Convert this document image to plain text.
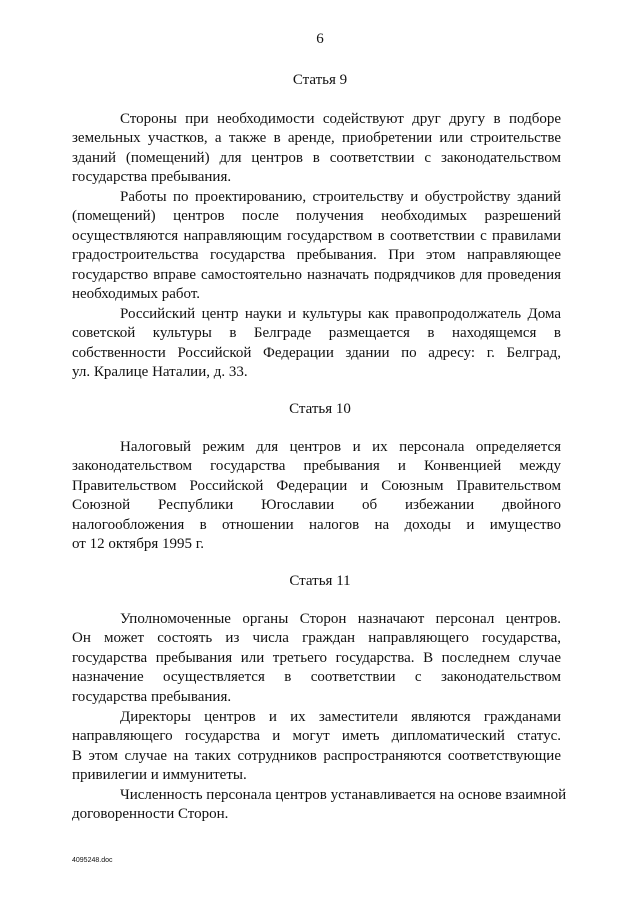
6
Статья 9
Стороны при необходимости содействуют друг другу в подборе
земельных участков, а также в аренде, приобретении или строительстве
зданий (помещений) для центров в соответствии с законодательством
государства пребывания.
Работы по проектированию, строительству и обустройству зданий
(помещений) центров после получения необходимых разрешений
осуществляются направляющим государством в соответствии с правилами
градостроительства государства пребывания. При этом направляющее
государство вправе самостоятельно назначать подрядчиков для проведения
необходимых работ.
Российский центр науки и культуры как правопродолжатель Дома
советской культуры в Белграде размещается в находящемся в
собственности Российской Федерации здании по адресу: г. Белград,
ул. Кралице Наталии, д. 33.
Статья 10
Налоговый режим для центров и их персонала определяется
законодательством государства пребывания и Конвенцией между
Правительством Российской Федерации и Союзным Правительством
Союзной Республики Югославии об избежании двойного
налогообложения в отношении налогов на доходы и имущество
от 12 октября 1995 г.
Статья 11
Уполномоченные органы Сторон назначают персонал центров.
Он может состоять из числа граждан направляющего государства,
государства пребывания или третьего государства. В последнем случае
назначение осуществляется в соответствии с законодательством
государства пребывания.
Директоры центров и их заместители являются гражданами
направляющего государства и могут иметь дипломатический статус.
В этом случае на таких сотрудников распространяются соответствующие
привилегии и иммунитеты.
Численность персонала центров устанавливается на основе взаимной
договоренности Сторон.
4095248.doc
